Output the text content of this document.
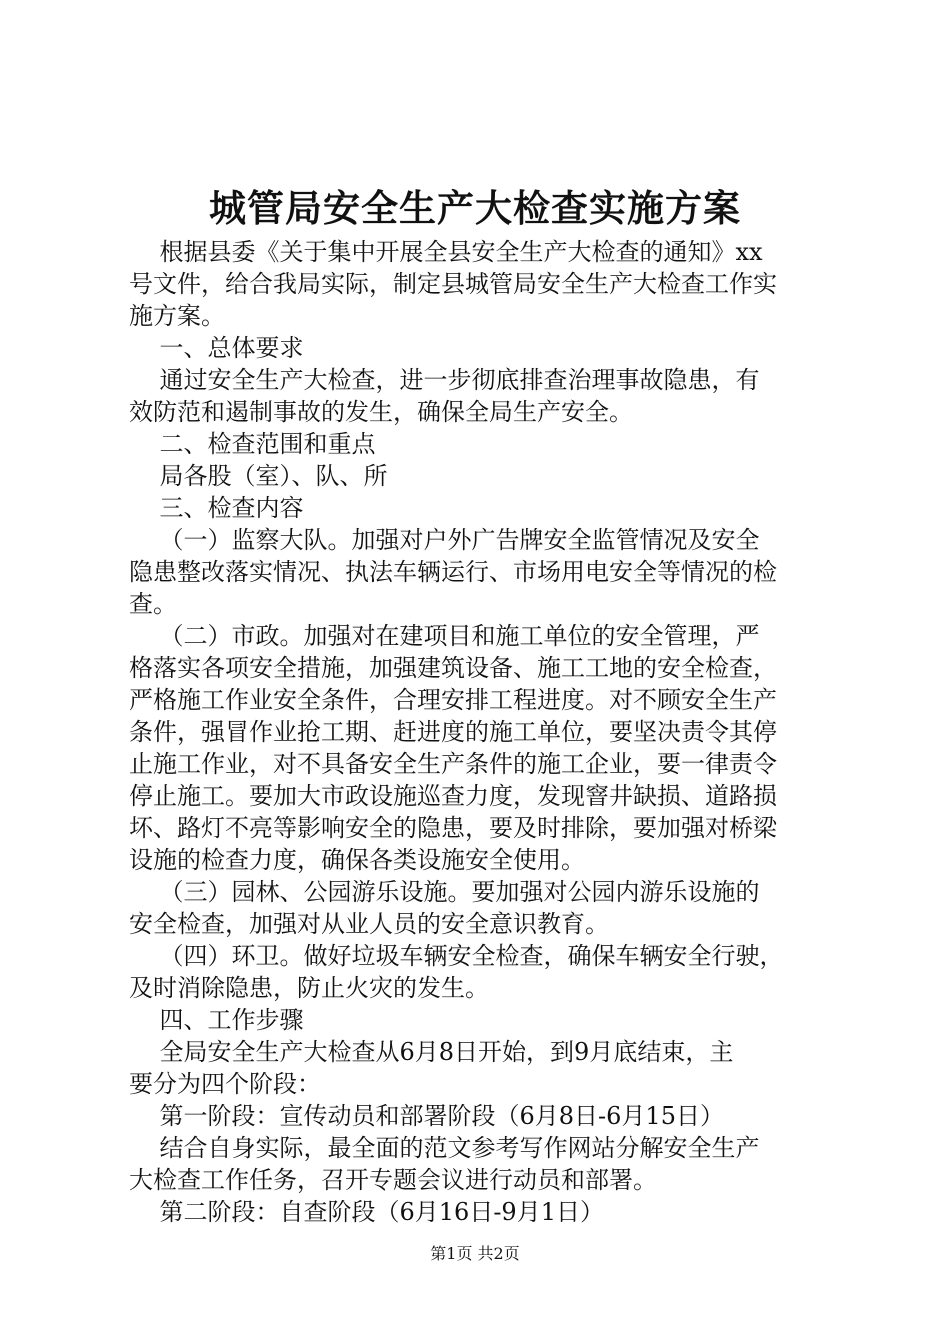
城管局安全生产大检查实施方案
根据县委《关于集中开展全县安全生产大检查的通知》xx
号文件，给合我局实际，制定县城管局安全生产大检查工作实
施方案。
一、总体要求
通过安全生产大检查，进一步彻底排查治理事故隐患，有
效防范和遏制事故的发生，确保全局生产安全。
二、检查范围和重点
局各股（室）、队、所
三、检查内容
（一）监察大队。加强对户外广告牌安全监管情况及安全
隐患整改落实情况、执法车辆运行、市场用电安全等情况的检
查。
（二）市政。加强对在建项目和施工单位的安全管理，严
格落实各项安全措施，加强建筑设备、施工工地的安全检查，
严格施工作业安全条件，合理安排工程进度。对不顾安全生产
条件，强冒作业抢工期、赶进度的施工单位，要坚决责令其停
止施工作业，对不具备安全生产条件的施工企业，要一律责令
停止施工。要加大市政设施巡查力度，发现窨井缺损、道路损
坏、路灯不亮等影响安全的隐患，要及时排除，要加强对桥梁
设施的检查力度，确保各类设施安全使用。
（三）园林、公园游乐设施。要加强对公园内游乐设施的
安全检查，加强对从业人员的安全意识教育。
（四）环卫。做好垃圾车辆安全检查，确保车辆安全行驶，
及时消除隐患，防止火灾的发生。
四、工作步骤
全局安全生产大检查从6月8日开始，到9月底结束，主
要分为四个阶段：
第一阶段：宣传动员和部署阶段（6月8日-6月15日）
结合自身实际，最全面的范文参考写作网站分解安全生产
大检查工作任务，召开专题会议进行动员和部署。
第二阶段：自查阶段（6月16日-9月1日）
第1页 共2页
